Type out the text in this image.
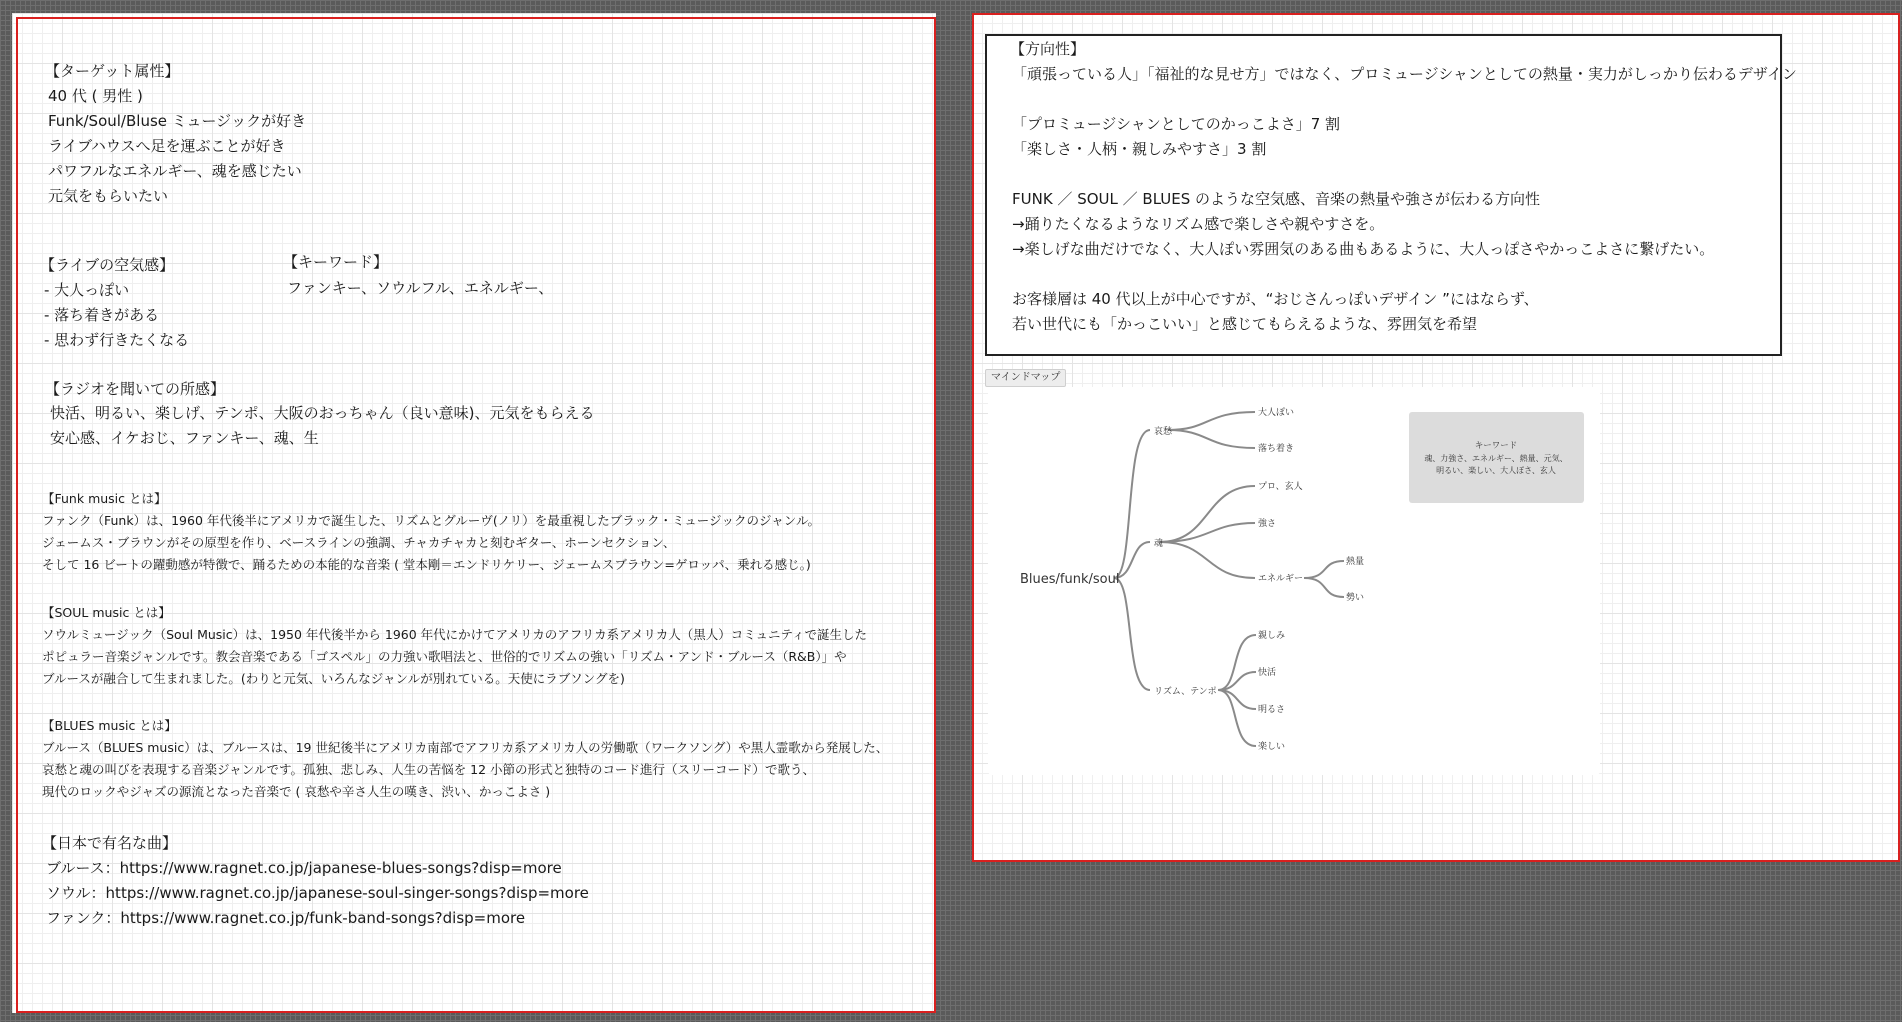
【ターゲット属性】
40 代 ( 男性 )
Funk/Soul/Bluse ミュージックが好き
ライブハウスへ足を運ぶことが好き
パワフルなエネルギー、魂を感じたい
元気をもらいたい
【ライブの空気感】
- 大人っぽい
- 落ち着きがある
- 思わず行きたくなる
【キーワード】
ファンキー、ソウルフル、エネルギー、
【ラジオを聞いての所感】
快活、明るい、楽しげ、テンポ、大阪のおっちゃん（良い意味)、元気をもらえる
安心感、イケおじ、ファンキー、魂、生
【Funk music とは】
ファンク（Funk）は、1960 年代後半にアメリカで誕生した、リズムとグルーヴ(ノリ）を最重視したブラック・ミュージックのジャンル。
ジェームス・ブラウンがその原型を作り、ベースラインの強調、チャカチャカと刻むギター、ホーンセクション、
そして 16 ビートの躍動感が特徴で、踊るための本能的な音楽 ( 堂本剛＝エンドリケリー、ジェームスブラウン=ゲロッパ、乗れる感じ。)
【SOUL music とは】
ソウルミュージック（Soul Music）は、1950 年代後半から 1960 年代にかけてアメリカのアフリカ系アメリカ人（黒人）コミュニティで誕生した
ポピュラー音楽ジャンルです。教会音楽である「ゴスペル」の力強い歌唱法と、世俗的でリズムの強い「リズム・アンド・ブルース（R&B）」や
ブルースが融合して生まれました。(わりと元気、いろんなジャンルが別れている。天使にラブソングを)
【BLUES music とは】
ブルース（BLUES music）は、ブルースは、19 世紀後半にアメリカ南部でアフリカ系アメリカ人の労働歌（ワークソング）や黒人霊歌から発展した、
哀愁と魂の叫びを表現する音楽ジャンルです。孤独、悲しみ、人生の苦悩を 12 小節の形式と独特のコード進行（スリーコード）で歌う、
現代のロックやジャズの源流となった音楽で ( 哀愁や辛さ人生の嘆き、渋い、かっこよさ )
【日本で有名な曲】
ブルース：https://www.ragnet.co.jp/japanese-blues-songs?disp=more
ソウル：https://www.ragnet.co.jp/japanese-soul-singer-songs?disp=more
ファンク：https://www.ragnet.co.jp/funk-band-songs?disp=more
【方向性】
「頑張っている人」「福祉的な見せ方」ではなく、プロミュージシャンとしての熱量・実力がしっかり伝わるデザイン
「プロミュージシャンとしてのかっこよさ」7 割
「楽しさ・人柄・親しみやすさ」3 割
FUNK ／ SOUL ／ BLUES のような空気感、音楽の熱量や強さが伝わる方向性
→踊りたくなるようなリズム感で楽しさや親やすさを。
→楽しげな曲だけでなく、大人ぽい雰囲気のある曲もあるように、大人っぽさやかっこよさに繋げたい。
お客様層は 40 代以上が中心ですが、“おじさんっぽいデザイン ”にはならず、
若い世代にも「かっこいい」と感じてもらえるような、雰囲気を希望
マインドマップ
Blues/funk/soul
哀愁
魂
リズム、テンポ
大人ぽい
落ち着き
プロ、玄人
強さ
エネルギー
熱量
勢い
親しみ
快活
明るさ
楽しい
キーワード
魂、力強さ、エネルギー、熱量、元気、
明るい、楽しい、大人ぽさ、玄人
